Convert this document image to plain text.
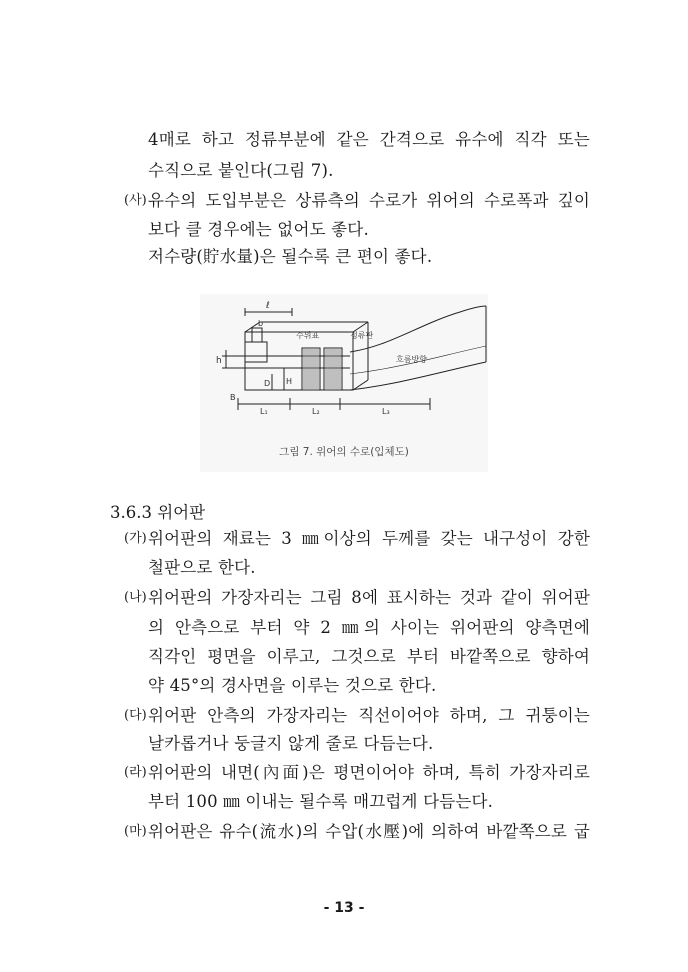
4매로 하고 정류부분에 같은 간격으로 유수에 직각 또는
수직으로 붙인다(그림 7).
(사) 유수의 도입부분은 상류측의 수로가 위어의 수로폭과 깊이
보다 클 경우에는 없어도 좋다.
저수량(貯水量)은 될수록 큰 편이 좋다.
ℓ
b
h
D H
B
L₁	L₂	L₃
수위표	정류판
흐름방향
그림 7. 위어의 수로(입체도)
3.6.3 위어판
(가) 위어판의 재료는 3 ㎜이상의 두께를 갖는 내구성이 강한
철판으로 한다.
(나) 위어판의 가장자리는 그림 8에 표시하는 것과 같이 위어판
의 안측으로 부터 약 2 ㎜의 사이는 위어판의 양측면에
직각인 평면을 이루고, 그것으로 부터 바깥쪽으로 향하여
약 45°의 경사면을 이루는 것으로 한다.
(다) 위어판 안측의 가장자리는 직선이어야 하며, 그 귀퉁이는
날카롭거나 둥글지 않게 줄로 다듬는다.
(라) 위어판의 내면(內面)은 평면이어야 하며, 특히 가장자리로
부터 100 ㎜ 이내는 될수록 매끄럽게 다듬는다.
(마) 위어판은 유수(流水)의 수압(水壓)에 의하여 바깥쪽으로 굽
- 13 -
